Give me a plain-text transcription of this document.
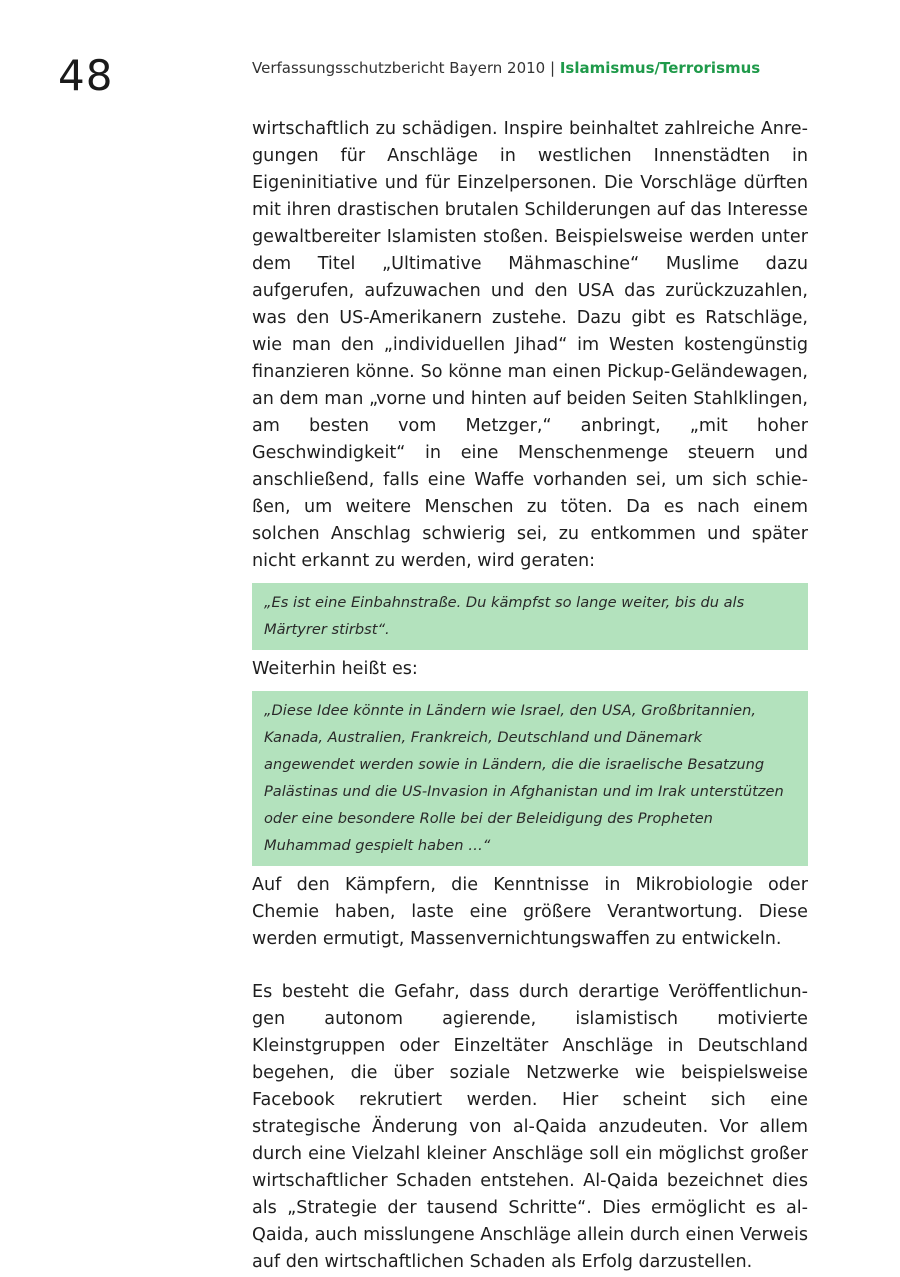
48	Verfassungsschutzbericht Bayern 2010 | Islamismus/Terrorismus

wirtschaftlich zu schädigen. Inspire beinhaltet zahlreiche Anregungen für Anschläge in westlichen Innenstädten in Eigeninitiative und für Einzelpersonen. Die Vorschläge dürften mit ihren drastischen brutalen Schilderungen auf das Interesse gewaltbereiter Islamisten stoßen. Beispielsweise werden unter dem Titel „Ultimative Mähmaschine“ Muslime dazu aufgerufen, aufzuwachen und den USA das zurückzuzahlen, was den US-Amerikanern zustehe. Dazu gibt es Ratschläge, wie man den „individuellen Jihad“ im Westen kostengünstig finanzieren könne. So könne man einen Pickup-Geländewagen, an dem man „vorne und hinten auf beiden Seiten Stahlklingen, am besten vom Metzger,“ anbringt, „mit hoher Geschwindigkeit“ in eine Menschenmenge steuern und anschließend, falls eine Waffe vorhanden sei, um sich schießen, um weitere Menschen zu töten. Da es nach einem solchen Anschlag schwierig sei, zu entkommen und später nicht erkannt zu werden, wird geraten:

„Es ist eine Einbahnstraße. Du kämpfst so lange weiter, bis du als Märtyrer stirbst“.

Weiterhin heißt es:

„Diese Idee könnte in Ländern wie Israel, den USA, Großbritannien, Kanada, Australien, Frankreich, Deutschland und Dänemark angewendet werden sowie in Ländern, die die israelische Besatzung Palästinas und die US-Invasion in Afghanistan und im Irak unterstützen oder eine besondere Rolle bei der Beleidigung des Propheten Muhammad gespielt haben …“

Auf den Kämpfern, die Kenntnisse in Mikrobiologie oder Chemie haben, laste eine größere Verantwortung. Diese werden ermutigt, Massenvernichtungswaffen zu entwickeln.

Es besteht die Gefahr, dass durch derartige Veröffentlichungen autonom agierende, islamistisch motivierte Kleinstgruppen oder Einzeltäter Anschläge in Deutschland begehen, die über soziale Netzwerke wie beispielsweise Facebook rekrutiert werden. Hier scheint sich eine strategische Änderung von al-Qaida anzudeuten. Vor allem durch eine Vielzahl kleiner Anschläge soll ein möglichst großer wirtschaftlicher Schaden entstehen. Al-Qaida bezeichnet dies als „Strategie der tausend Schritte“. Dies ermöglicht es al-Qaida, auch misslungene Anschläge allein durch einen Verweis auf den wirtschaftlichen Schaden als Erfolg darzustellen.
